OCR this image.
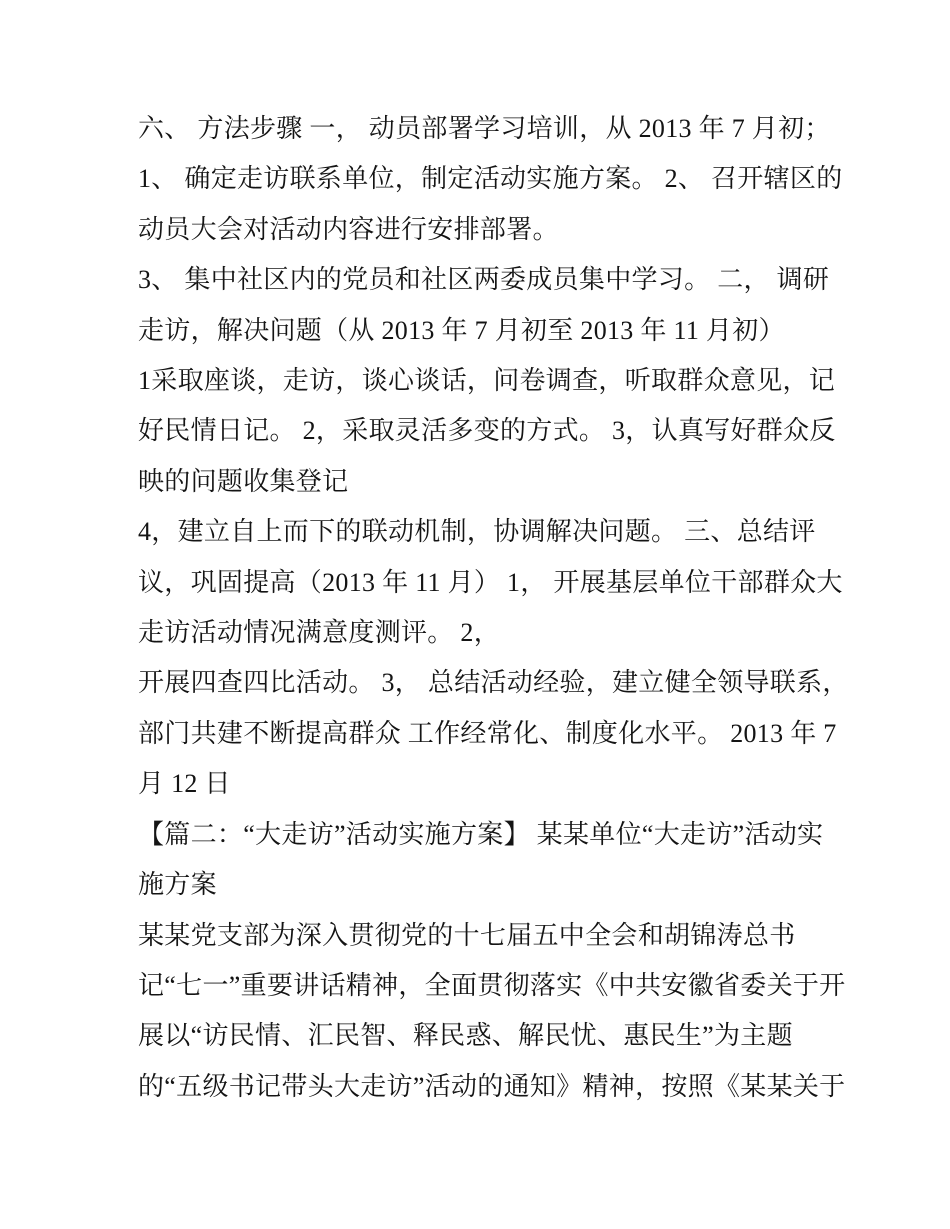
六、 方法步骤 一， 动员部署学习培训，从 2013 年 7 月初；

1、 确定走访联系单位，制定活动实施方案。 2、 召开辖区的

动员大会对活动内容进行安排部署。

3、 集中社区内的党员和社区两委成员集中学习。 二， 调研

走访，解决问题（从 2013 年 7 月初至 2013 年 11 月初）

1采取座谈，走访，谈心谈话，问卷调查，听取群众意见，记

好民情日记。 2，采取灵活多变的方式。 3，认真写好群众反

映的问题收集登记

4，建立自上而下的联动机制，协调解决问题。 三、总结评

议，巩固提高（2013 年 11 月） 1， 开展基层单位干部群众大

走访活动情况满意度测评。 2，

开展四查四比活动。 3， 总结活动经验，建立健全领导联系，

部门共建不断提高群众 工作经常化、制度化水平。 2013 年 7

月 12 日

【篇二：“大走访”活动实施方案】 某某单位“大走访”活动实

施方案

某某党支部为深入贯彻党的十七届五中全会和胡锦涛总书

记“七一”重要讲话精神，全面贯彻落实《中共安徽省委关于开

展以“访民情、汇民智、释民惑、解民忧、惠民生”为主题

的“五级书记带头大走访”活动的通知》精神，按照《某某关于
